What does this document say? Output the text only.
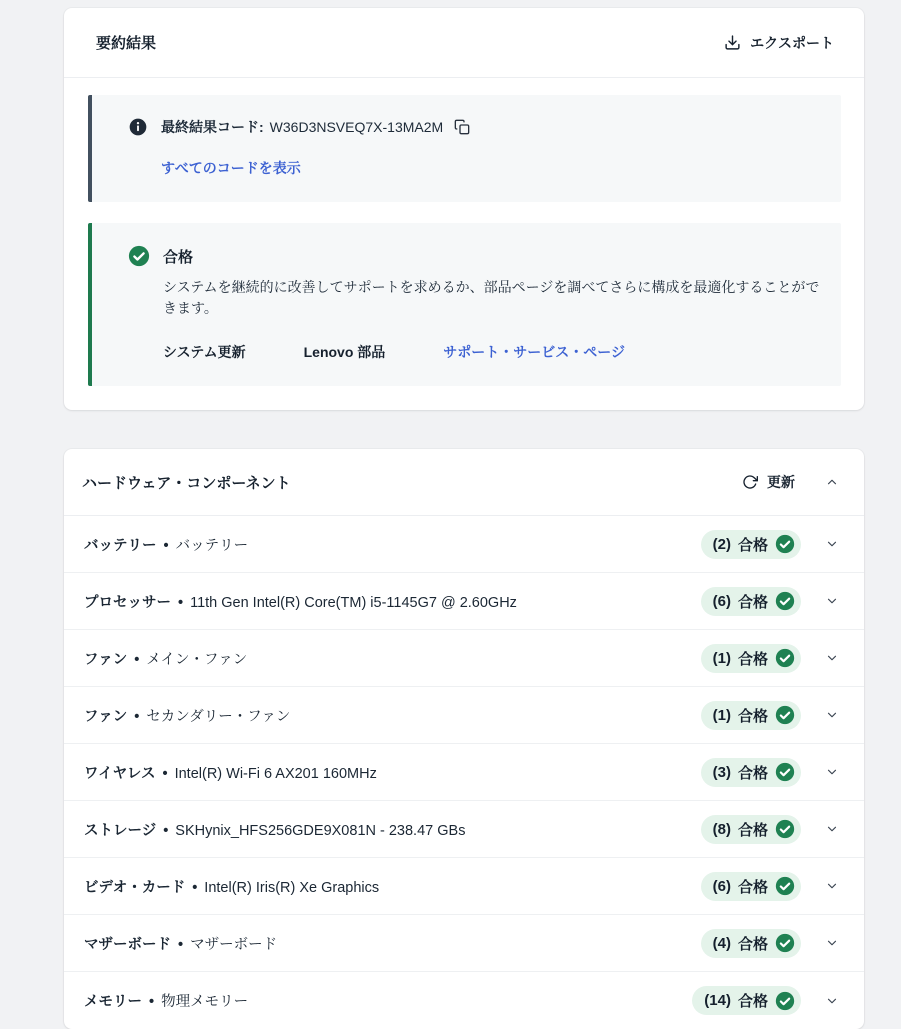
要約結果	エクスポート
最終結果コード: W36D3NSVEQ7X-13MA2M
すべてのコードを表示
合格
システムを継続的に改善してサポートを求めるか、部品ページを調べてさらに構成を最適化することができます。
システム更新	Lenovo 部品	サポート・サービス・ページ
ハードウェア・コンポーネント	更新
バッテリー • バッテリー	(2) 合格
プロセッサー • 11th Gen Intel(R) Core(TM) i5-1145G7 @ 2.60GHz	(6) 合格
ファン • メイン・ファン	(1) 合格
ファン • セカンダリー・ファン	(1) 合格
ワイヤレス • Intel(R) Wi-Fi 6 AX201 160MHz	(3) 合格
ストレージ • SKHynix_HFS256GDE9X081N - 238.47 GBs	(8) 合格
ビデオ・カード • Intel(R) Iris(R) Xe Graphics	(6) 合格
マザーボード • マザーボード	(4) 合格
メモリー • 物理メモリー	(14) 合格
